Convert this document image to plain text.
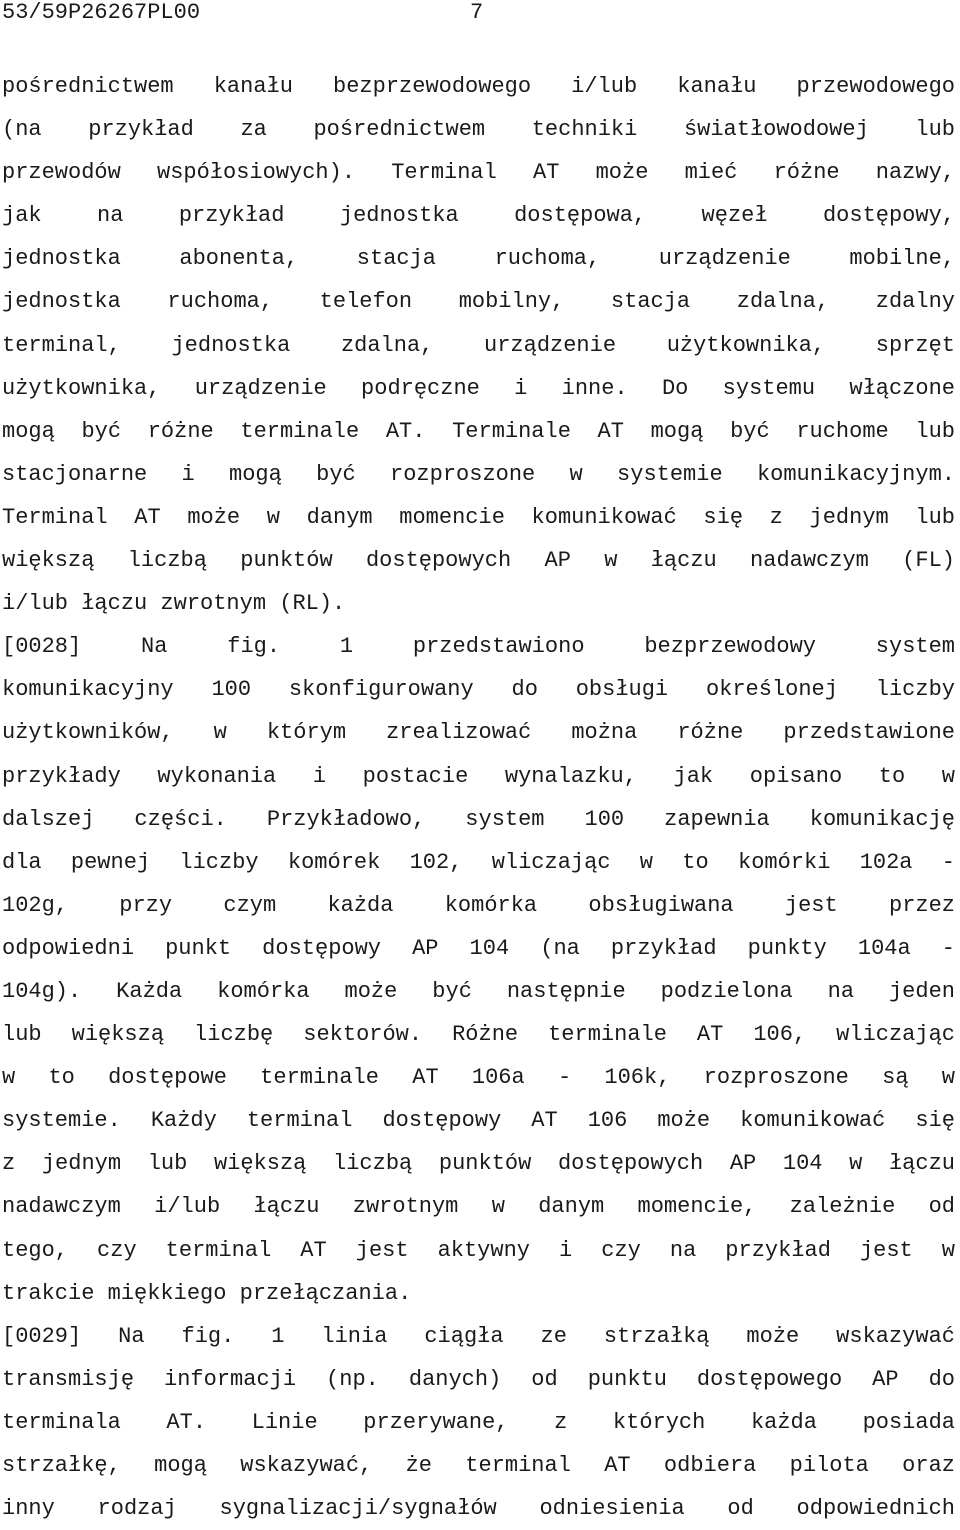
53/59P26267PL00	7
pośrednictwem kanału bezprzewodowego i/lub kanału przewodowego
(na przykład za pośrednictwem techniki światłowodowej lub
przewodów współosiowych). Terminal AT może mieć różne nazwy,
jak na przykład jednostka dostępowa, węzeł dostępowy,
jednostka abonenta, stacja ruchoma, urządzenie mobilne,
jednostka ruchoma, telefon mobilny, stacja zdalna, zdalny
terminal, jednostka zdalna, urządzenie użytkownika, sprzęt
użytkownika, urządzenie podręczne i inne. Do systemu włączone
mogą być różne terminale AT. Terminale AT mogą być ruchome lub
stacjonarne i mogą być rozproszone w systemie komunikacyjnym.
Terminal AT może w danym momencie komunikować się z jednym lub
większą liczbą punktów dostępowych AP w łączu nadawczym (FL)
i/lub łączu zwrotnym (RL).
[0028] Na fig. 1 przedstawiono bezprzewodowy system
komunikacyjny 100 skonfigurowany do obsługi określonej liczby
użytkowników, w którym zrealizować można różne przedstawione
przykłady wykonania i postacie wynalazku, jak opisano to w
dalszej części. Przykładowo, system 100 zapewnia komunikację
dla pewnej liczby komórek 102, wliczając w to komórki 102a -
102g, przy czym każda komórka obsługiwana jest przez
odpowiedni punkt dostępowy AP 104 (na przykład punkty 104a -
104g). Każda komórka może być następnie podzielona na jeden
lub większą liczbę sektorów. Różne terminale AT 106, wliczając
w to dostępowe terminale AT 106a - 106k, rozproszone są w
systemie. Każdy terminal dostępowy AT 106 może komunikować się
z jednym lub większą liczbą punktów dostępowych AP 104 w łączu
nadawczym i/lub łączu zwrotnym w danym momencie, zależnie od
tego, czy terminal AT jest aktywny i czy na przykład jest w
trakcie miękkiego przełączania.
[0029] Na fig. 1 linia ciągła ze strzałką może wskazywać
transmisję informacji (np. danych) od punktu dostępowego AP do
terminala AT. Linie przerywane, z których każda posiada
strzałkę, mogą wskazywać, że terminal AT odbiera pilota oraz
inny rodzaj sygnalizacji/sygnałów odniesienia od odpowiednich
